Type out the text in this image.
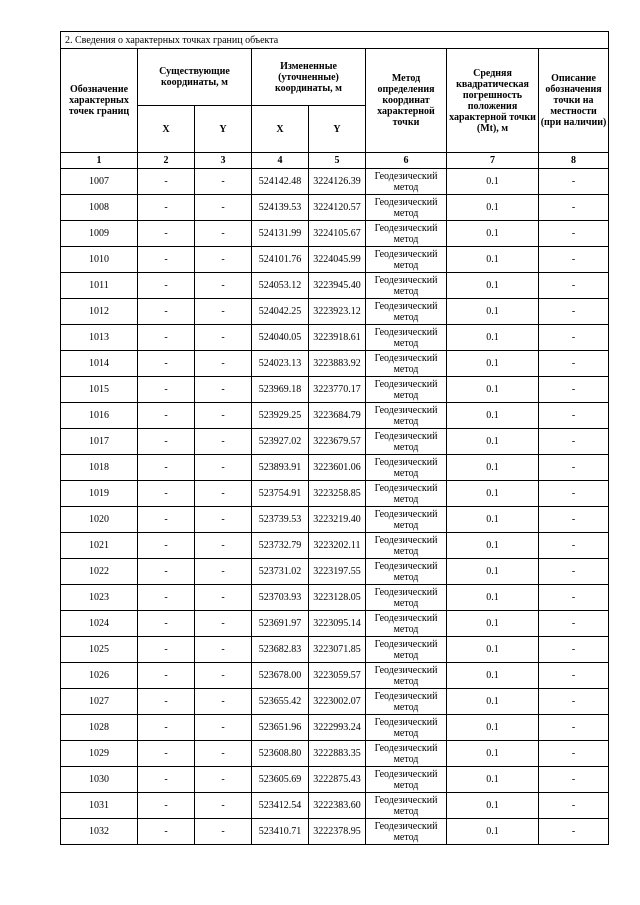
2. Сведения о характерных точках границ объекта							
Обозначение характерных точек границ	Существующие координаты, м		Измененные (уточненные) координаты, м		Метод определения координат характерной точки	Средняя квадратическая погрешность положения характерной точки (Mt), м	Описание обозначения точки на местности (при наличии)
	X	Y	X	Y			
1	2	3	4	5	6	7	8
1007	-	-	524142.48	3224126.39	Геодезический метод	0.1	-
1008	-	-	524139.53	3224120.57	Геодезический метод	0.1	-
1009	-	-	524131.99	3224105.67	Геодезический метод	0.1	-
1010	-	-	524101.76	3224045.99	Геодезический метод	0.1	-
1011	-	-	524053.12	3223945.40	Геодезический метод	0.1	-
1012	-	-	524042.25	3223923.12	Геодезический метод	0.1	-
1013	-	-	524040.05	3223918.61	Геодезический метод	0.1	-
1014	-	-	524023.13	3223883.92	Геодезический метод	0.1	-
1015	-	-	523969.18	3223770.17	Геодезический метод	0.1	-
1016	-	-	523929.25	3223684.79	Геодезический метод	0.1	-
1017	-	-	523927.02	3223679.57	Геодезический метод	0.1	-
1018	-	-	523893.91	3223601.06	Геодезический метод	0.1	-
1019	-	-	523754.91	3223258.85	Геодезический метод	0.1	-
1020	-	-	523739.53	3223219.40	Геодезический метод	0.1	-
1021	-	-	523732.79	3223202.11	Геодезический метод	0.1	-
1022	-	-	523731.02	3223197.55	Геодезический метод	0.1	-
1023	-	-	523703.93	3223128.05	Геодезический метод	0.1	-
1024	-	-	523691.97	3223095.14	Геодезический метод	0.1	-
1025	-	-	523682.83	3223071.85	Геодезический метод	0.1	-
1026	-	-	523678.00	3223059.57	Геодезический метод	0.1	-
1027	-	-	523655.42	3223002.07	Геодезический метод	0.1	-
1028	-	-	523651.96	3222993.24	Геодезический метод	0.1	-
1029	-	-	523608.80	3222883.35	Геодезический метод	0.1	-
1030	-	-	523605.69	3222875.43	Геодезический метод	0.1	-
1031	-	-	523412.54	3222383.60	Геодезический метод	0.1	-
1032	-	-	523410.71	3222378.95	Геодезический метод	0.1	-
